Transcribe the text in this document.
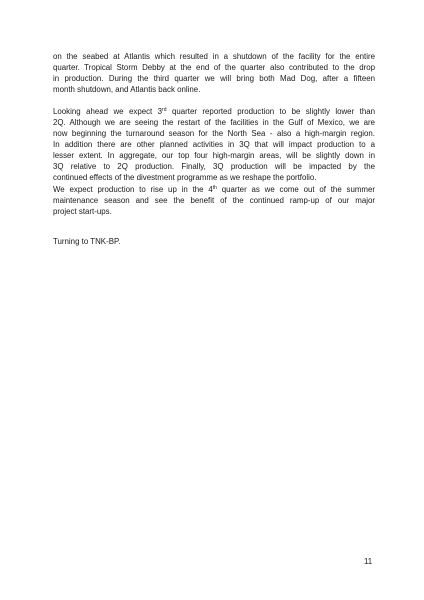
on the seabed at Atlantis which resulted in a shutdown of the facility for the entire
quarter. Tropical Storm Debby at the end of the quarter also contributed to the drop
in production. During the third quarter we will bring both Mad Dog, after a fifteen
month shutdown, and Atlantis back online.
Looking ahead we expect 3rd quarter reported production to be slightly lower than
2Q. Although we are seeing the restart of the facilities in the Gulf of Mexico, we are
now beginning the turnaround season for the North Sea - also a high-margin region.
In addition there are other planned activities in 3Q that will impact production to a
lesser extent. In aggregate, our top four high-margin areas, will be slightly down in
3Q relative to 2Q production. Finally, 3Q production will be impacted by the
continued effects of the divestment programme as we reshape the portfolio.
We expect production to rise up in the 4th quarter as we come out of the summer
maintenance season and see the benefit of the continued ramp-up of our major
project start-ups.
Turning to TNK-BP.
11
